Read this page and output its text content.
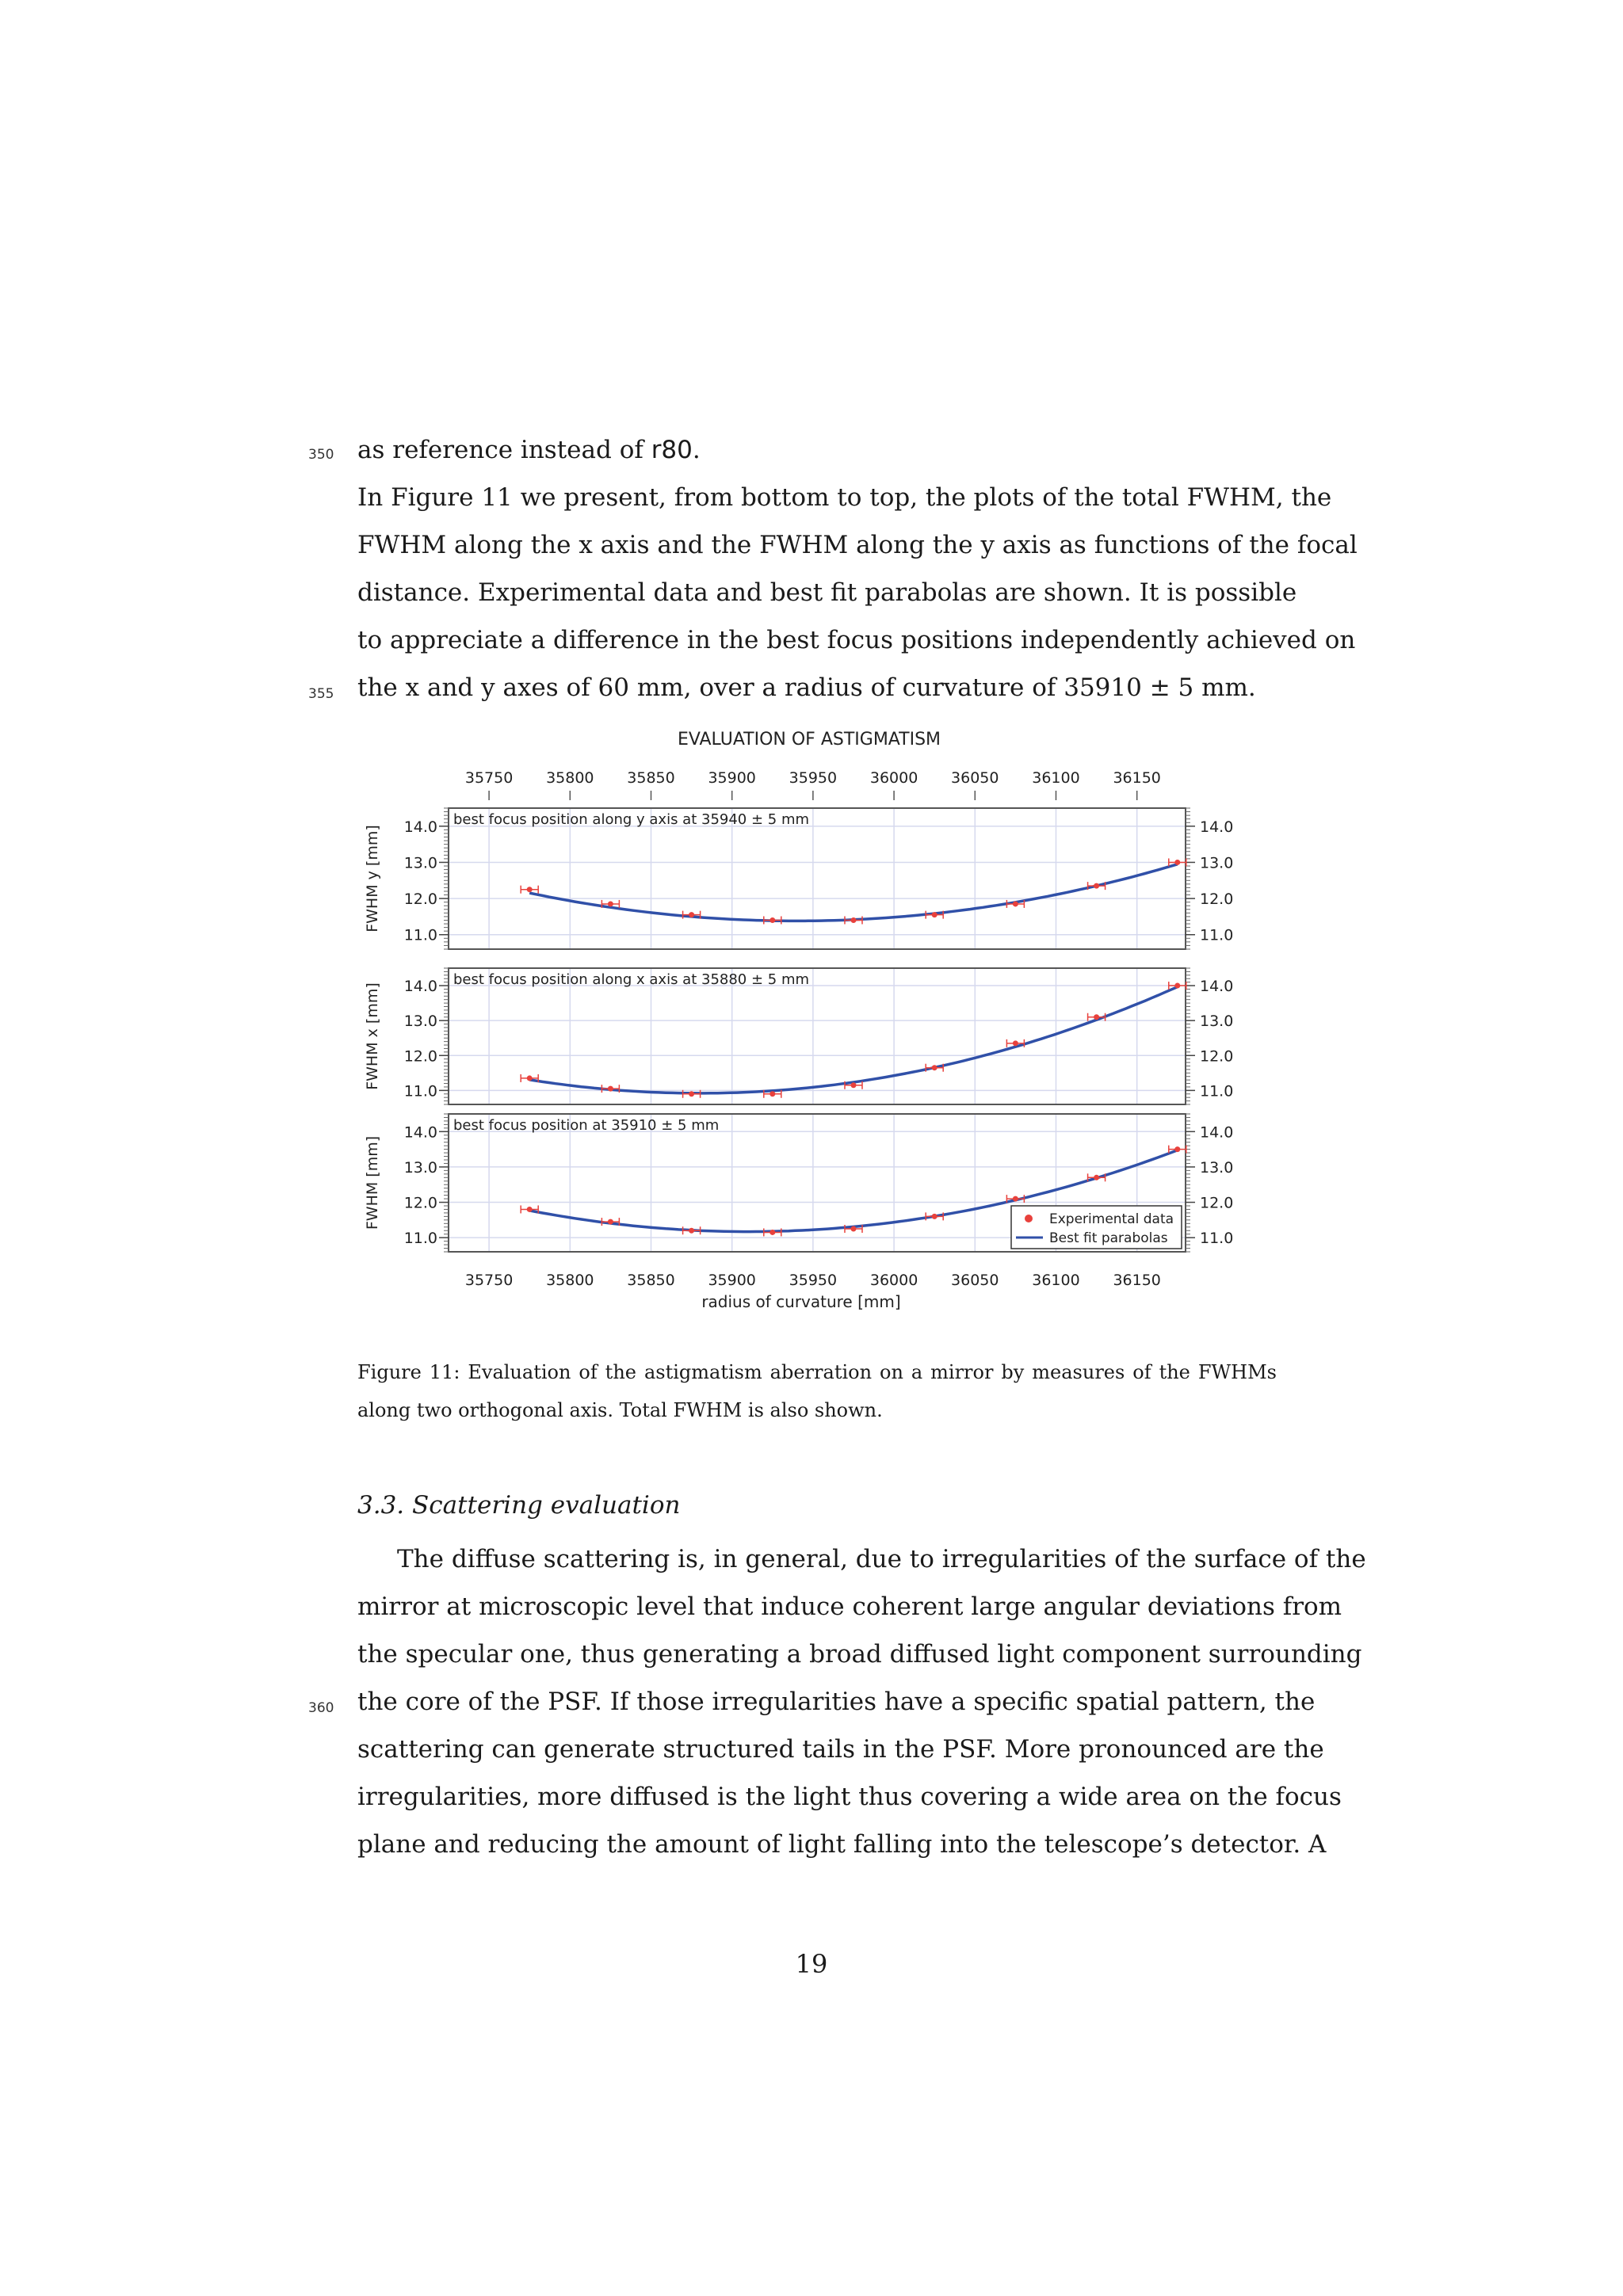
350 as reference instead of r80.
In Figure 11 we present, from bottom to top, the plots of the total FWHM, the
FWHM along the x axis and the FWHM along the y axis as functions of the focal
distance. Experimental data and best fit parabolas are shown. It is possible
to appreciate a difference in the best focus positions independently achieved on
355 the x and y axes of 60 mm, over a radius of curvature of 35910 ± 5 mm.
EVALUATION OF ASTIGMATISM
35750
35750
35800
35800
35850
35850
35900
35900
35950
35950
36000
36000
36050
36050
36100
36100
36150
36150
11.0	11.0
12.0	12.0
13.0	13.0
14.0	14.0
FWHM y [mm]
best focus position along y axis at 35940 ± 5 mm
11.0	11.0
12.0	12.0
13.0	13.0
14.0	14.0
FWHM x [mm]
best focus position along x axis at 35880 ± 5 mm
11.0	11.0
12.0	12.0
13.0	13.0
14.0	14.0
FWHM [mm]
best focus position at 35910 ± 5 mm
Experimental data
Best fit parabolas
radius of curvature [mm]
Figure 11: Evaluation of the astigmatism aberration on a mirror by measures of the FWHMs
along two orthogonal axis. Total FWHM is also shown.
3.3. Scattering evaluation
The diffuse scattering is, in general, due to irregularities of the surface of the
mirror at microscopic level that induce coherent large angular deviations from
the specular one, thus generating a broad diffused light component surrounding
360 the core of the PSF. If those irregularities have a specific spatial pattern, the
scattering can generate structured tails in the PSF. More pronounced are the
irregularities, more diffused is the light thus covering a wide area on the focus
plane and reducing the amount of light falling into the telescope’s detector. A
19
